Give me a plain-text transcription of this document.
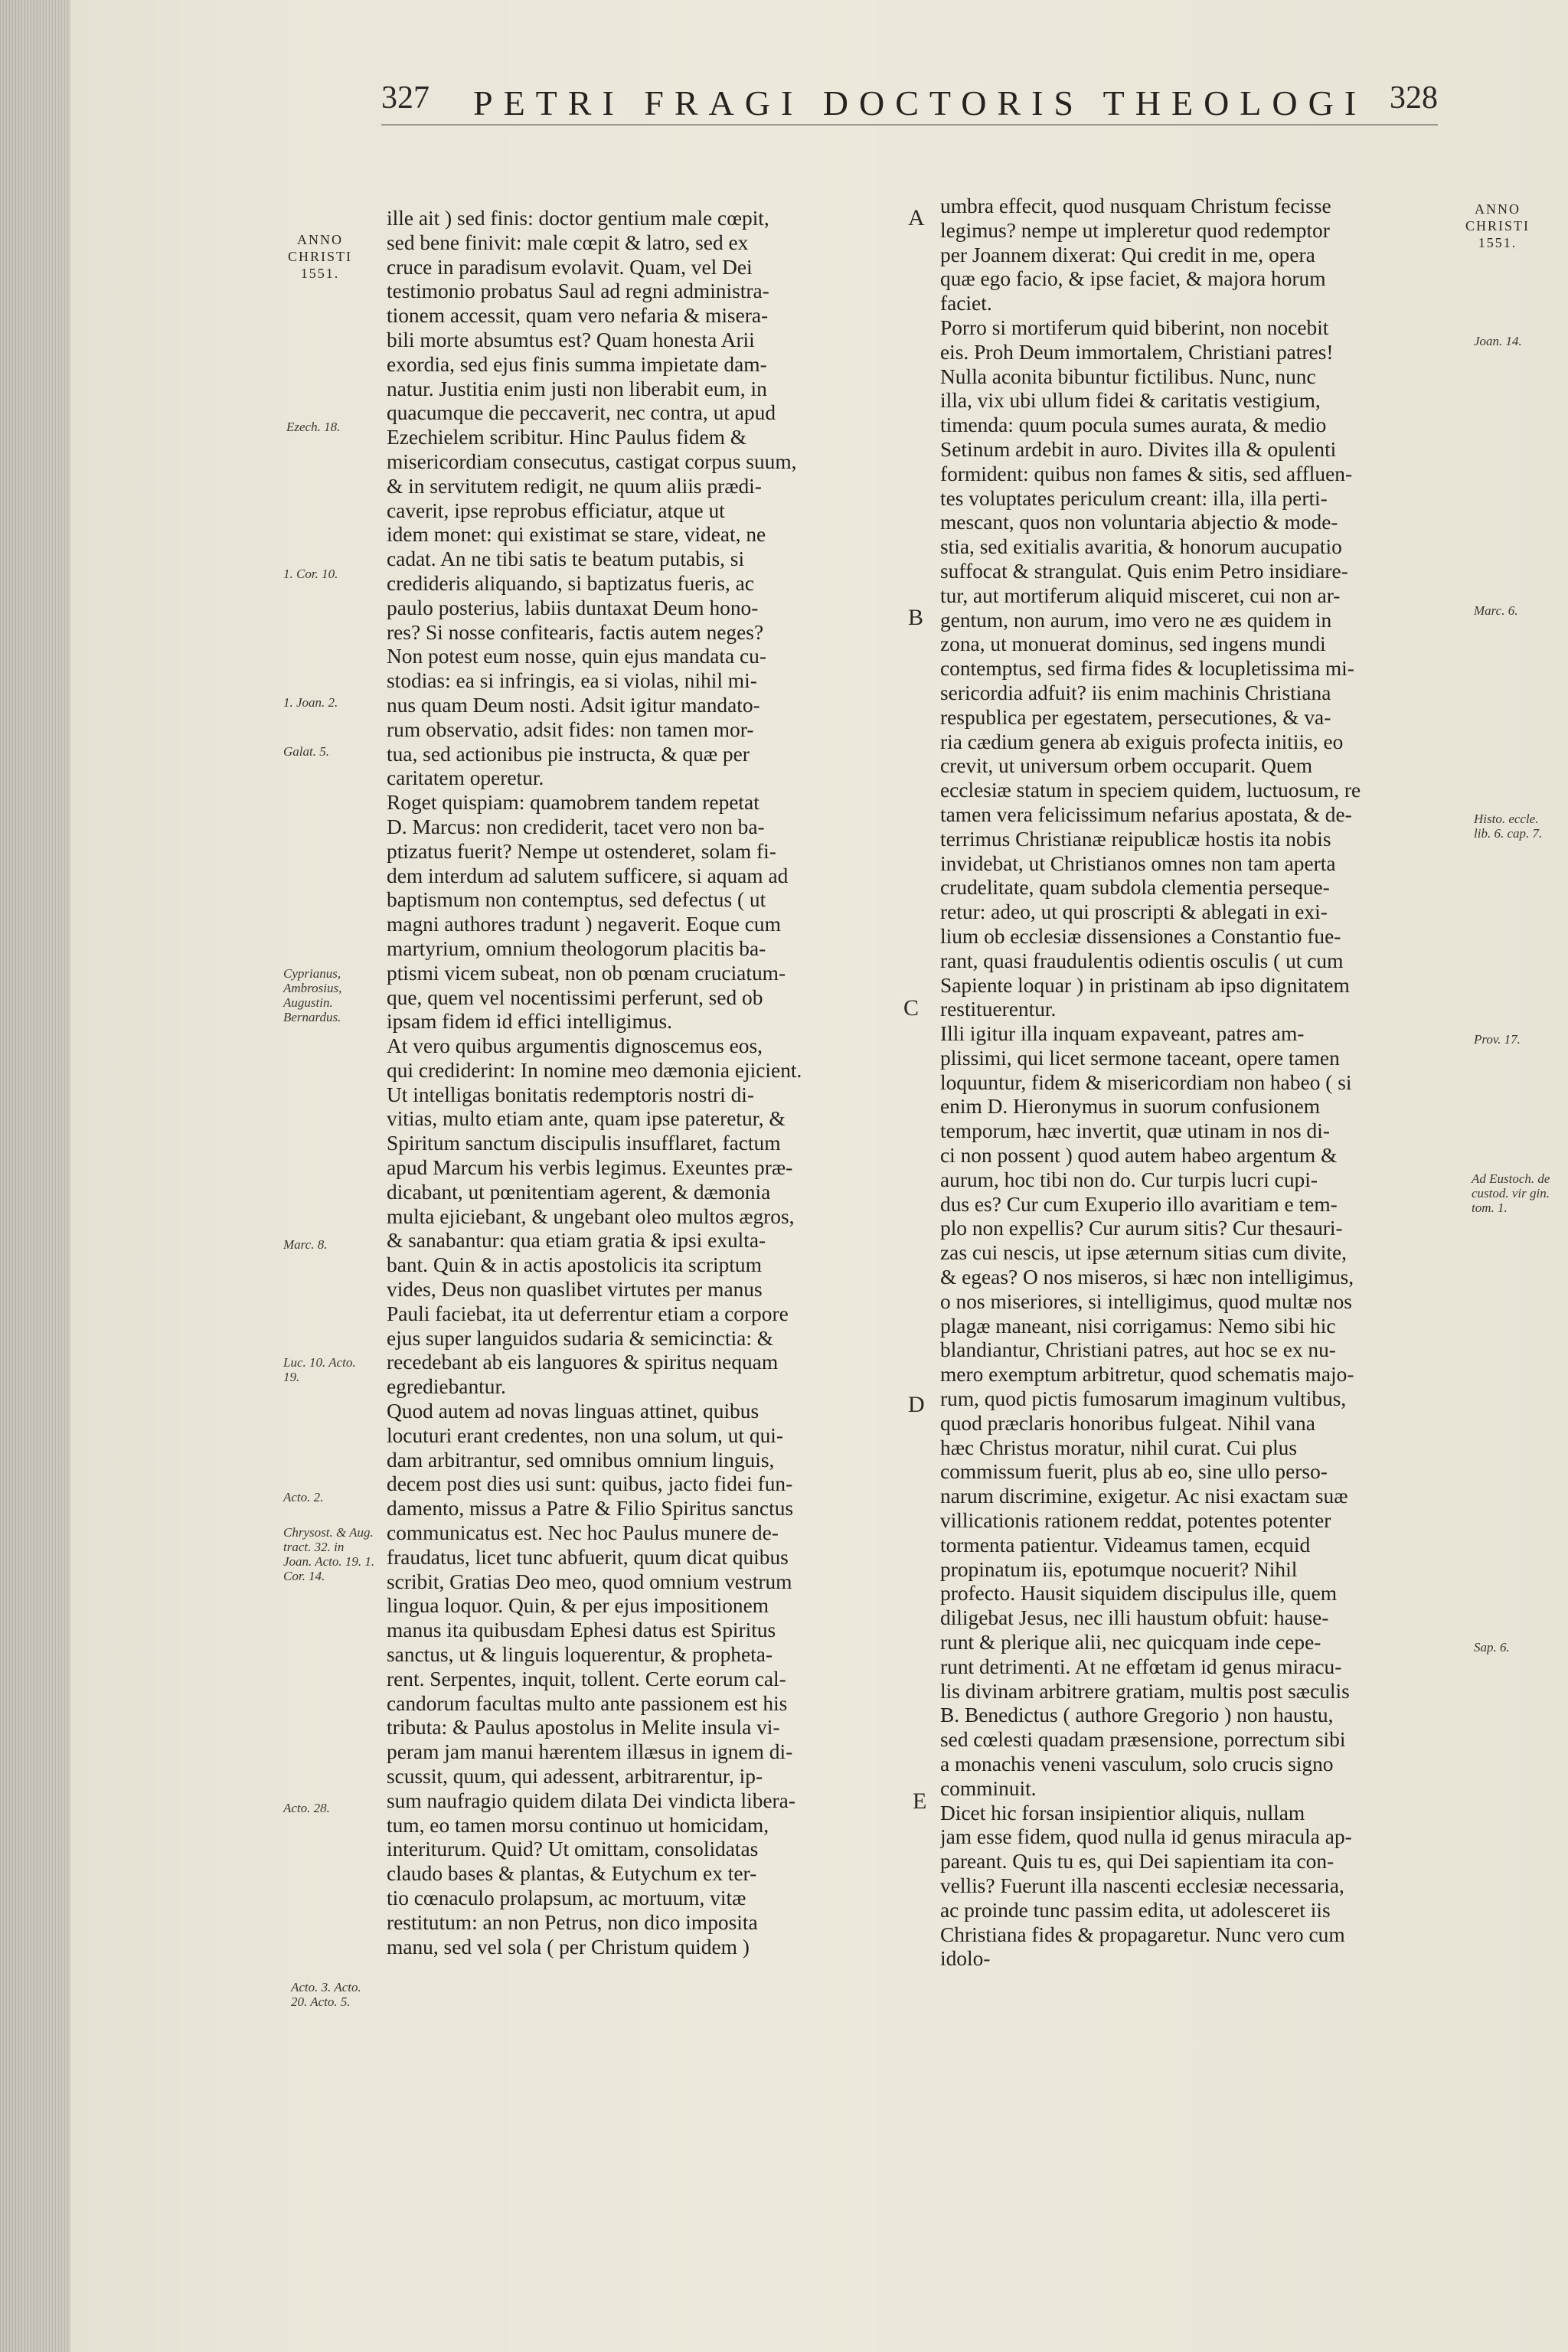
327 PETRI FRAGI DOCTORIS THEOLOGI 328
ANNO
CHRISTI
1551.
ANNO
CHRISTI
1551.
Ezech. 18.
1. Cor. 10.
1. Joan. 2.
Galat. 5.
Cyprianus, Ambrosius, Augustin. Bernardus.
Marc. 8.
Luc. 10. Acto. 19.
Acto. 2.
Chrysost. & Aug. tract. 32. in Joan. Acto. 19. 1. Cor. 14.
Acto. 28.
Acto. 3. Acto. 20. Acto. 5.
Joan. 14.
Marc. 6.
Histo. eccle. lib. 6. cap. 7.
Prov. 17.
Ad Eustoch. de custod. vir gin. tom. 1.
Sap. 6.
A
B
C
D
E
ille ait ) sed finis: doctor gentium male cœpit,
sed bene finivit: male cœpit & latro, sed ex
cruce in paradisum evolavit. Quam, vel Dei
testimonio probatus Saul ad regni administra-
tionem accessit, quam vero nefaria & misera-
bili morte absumtus est? Quam honesta Arii
exordia, sed ejus finis summa impietate dam-
natur. Justitia enim justi non liberabit eum, in
quacumque die peccaverit, nec contra, ut apud
Ezechielem scribitur. Hinc Paulus fidem &
misericordiam consecutus, castigat corpus suum,
& in servitutem redigit, ne quum aliis prædi-
caverit, ipse reprobus efficiatur, atque ut
idem monet: qui existimat se stare, videat, ne
cadat. An ne tibi satis te beatum putabis, si
credideris aliquando, si baptizatus fueris, ac
paulo posterius, labiis duntaxat Deum hono-
res? Si nosse confitearis, factis autem neges?
Non potest eum nosse, quin ejus mandata cu-
stodias: ea si infringis, ea si violas, nihil mi-
nus quam Deum nosti. Adsit igitur mandato-
rum observatio, adsit fides: non tamen mor-
tua, sed actionibus pie instructa, & quæ per
caritatem operetur.
Roget quispiam: quamobrem tandem repetat
D. Marcus: non crediderit, tacet vero non ba-
ptizatus fuerit? Nempe ut ostenderet, solam fi-
dem interdum ad salutem sufficere, si aquam ad
baptismum non contemptus, sed defectus ( ut
magni authores tradunt ) negaverit. Eoque cum
martyrium, omnium theologorum placitis ba-
ptismi vicem subeat, non ob pœnam cruciatum-
que, quem vel nocentissimi perferunt, sed ob
ipsam fidem id effici intelligimus.
At vero quibus argumentis dignoscemus eos,
qui crediderint: In nomine meo dæmonia ejicient.
Ut intelligas bonitatis redemptoris nostri di-
vitias, multo etiam ante, quam ipse pateretur, &
Spiritum sanctum discipulis insufflaret, factum
apud Marcum his verbis legimus. Exeuntes præ-
dicabant, ut pœnitentiam agerent, & dæmonia
multa ejiciebant, & ungebant oleo multos ægros,
& sanabantur: qua etiam gratia & ipsi exulta-
bant. Quin & in actis apostolicis ita scriptum
vides, Deus non quaslibet virtutes per manus
Pauli faciebat, ita ut deferrentur etiam a corpore
ejus super languidos sudaria & semicinctia: &
recedebant ab eis languores & spiritus nequam
egrediebantur.
Quod autem ad novas linguas attinet, quibus
locuturi erant credentes, non una solum, ut qui-
dam arbitrantur, sed omnibus omnium linguis,
decem post dies usi sunt: quibus, jacto fidei fun-
damento, missus a Patre & Filio Spiritus sanctus
communicatus est. Nec hoc Paulus munere de-
fraudatus, licet tunc abfuerit, quum dicat quibus
scribit, Gratias Deo meo, quod omnium vestrum
lingua loquor. Quin, & per ejus impositionem
manus ita quibusdam Ephesi datus est Spiritus
sanctus, ut & linguis loquerentur, & propheta-
rent. Serpentes, inquit, tollent. Certe eorum cal-
candorum facultas multo ante passionem est his
tributa: & Paulus apostolus in Melite insula vi-
peram jam manui hærentem illæsus in ignem di-
scussit, quum, qui adessent, arbitrarentur, ip-
sum naufragio quidem dilata Dei vindicta libera-
tum, eo tamen morsu continuo ut homicidam,
interiturum. Quid? Ut omittam, consolidatas
claudo bases & plantas, & Eutychum ex ter-
tio cœnaculo prolapsum, ac mortuum, vitæ
restitutum: an non Petrus, non dico imposita
manu, sed vel sola ( per Christum quidem )
umbra effecit, quod nusquam Christum fecisse
legimus? nempe ut impleretur quod redemptor
per Joannem dixerat: Qui credit in me, opera
quæ ego facio, & ipse faciet, & majora horum
faciet.
Porro si mortiferum quid biberint, non nocebit
eis. Proh Deum immortalem, Christiani patres!
Nulla aconita bibuntur fictilibus. Nunc, nunc
illa, vix ubi ullum fidei & caritatis vestigium,
timenda: quum pocula sumes aurata, & medio
Setinum ardebit in auro. Divites illa & opulenti
formident: quibus non fames & sitis, sed affluen-
tes voluptates periculum creant: illa, illa perti-
mescant, quos non voluntaria abjectio & mode-
stia, sed exitialis avaritia, & honorum aucupatio
suffocat & strangulat. Quis enim Petro insidiare-
tur, aut mortiferum aliquid misceret, cui non ar-
gentum, non aurum, imo vero ne æs quidem in
zona, ut monuerat dominus, sed ingens mundi
contemptus, sed firma fides & locupletissima mi-
sericordia adfuit? iis enim machinis Christiana
respublica per egestatem, persecutiones, & va-
ria cædium genera ab exiguis profecta initiis, eo
crevit, ut universum orbem occuparit. Quem
ecclesiæ statum in speciem quidem, luctuosum, re
tamen vera felicissimum nefarius apostata, & de-
terrimus Christianæ reipublicæ hostis ita nobis
invidebat, ut Christianos omnes non tam aperta
crudelitate, quam subdola clementia persequе-
retur: adeo, ut qui proscripti & ablegati in exi-
lium ob ecclesiæ dissensiones a Constantio fue-
rant, quasi fraudulentis odientis osculis ( ut cum
Sapiente loquar ) in pristinam ab ipso dignitatem
restituerentur.
Illi igitur illa inquam expaveant, patres am-
plissimi, qui licet sermone taceant, opere tamen
loquuntur, fidem & misericordiam non habeo ( si
enim D. Hieronymus in suorum confusionem
temporum, hæc invertit, quæ utinam in nos di-
ci non possent ) quod autem habeo argentum &
aurum, hoc tibi non do. Cur turpis lucri cupi-
dus es? Cur cum Exuperio illo avaritiam e tem-
plo non expellis? Cur aurum sitis? Cur thesauri-
zas cui nescis, ut ipse æternum sitias cum divite,
& egeas? O nos miseros, si hæc non intelligimus,
o nos miseriores, si intelligimus, quod multæ nos
plagæ maneant, nisi corrigamus: Nemo sibi hic
blandiantur, Christiani patres, aut hoc se ex nu-
mero exemptum arbitretur, quod schematis majo-
rum, quod pictis fumosarum imaginum vultibus,
quod præclaris honoribus fulgeat. Nihil vana
hæc Christus moratur, nihil curat. Cui plus
commissum fuerit, plus ab eo, sine ullo perso-
narum discrimine, exigetur. Ac nisi exactam suæ
villicationis rationem reddat, potentes potenter
tormenta patientur. Videamus tamen, ecquid
propinatum iis, epotumque nocuerit? Nihil
profecto. Hausit siquidem discipulus ille, quem
diligebat Jesus, nec illi haustum obfuit: hause-
runt & plerique alii, nec quicquam inde cepe-
runt detrimenti. At ne effœtam id genus miracu-
lis divinam arbitrere gratiam, multis post sæculis
B. Benedictus ( authore Gregorio ) non haustu,
sed cœlesti quadam præsensione, porrectum sibi
a monachis veneni vasculum, solo crucis signo
comminuit.
Dicet hic forsan insipientior aliquis, nullam
jam esse fidem, quod nulla id genus miracula ap-
pareant. Quis tu es, qui Dei sapientiam ita con-
vellis? Fuerunt illa nascenti ecclesiæ necessaria,
ac proinde tunc passim edita, ut adolesceret iis
Christiana fides & propagaretur. Nunc vero cum
idolo-
